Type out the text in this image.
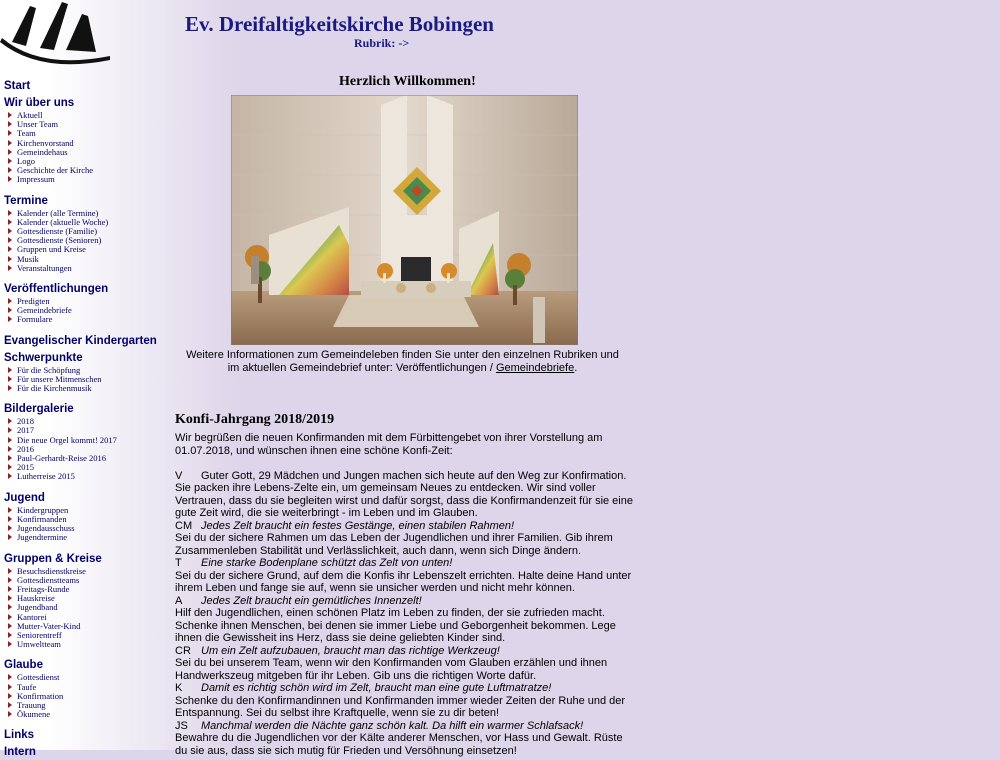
Ev. Dreifaltigkeitskirche Bobingen
Rubrik: ->
Start
Wir über uns
Aktuell
Unser Team
Team
Kirchenvorstand
Gemeindehaus
Logo
Geschichte der Kirche
Impressum
Termine
Kalender (alle Termine)
Kalender (aktuelle Woche)
Gottesdienste (Familie)
Gottesdienste (Senioren)
Gruppen und Kreise
Musik
Veranstaltungen
Veröffentlichungen
Predigten
Gemeindebriefe
Formulare
Evangelischer Kindergarten
Schwerpunkte
Für die Schöpfung
Für unsere Mitmenschen
Für die Kirchenmusik
Bildergalerie
2018
2017
Die neue Orgel kommt! 2017
2016
Paul-Gerhardt-Reise 2016
2015
Lutherreise 2015
Jugend
Kindergruppen
Konfirmanden
Jugendausschuss
Jugendtermine
Gruppen & Kreise
Besuchsdienstkreise
Gottesdienstteams
Freitags-Runde
Hauskreise
Jugendband
Kantorei
Mutter-Vater-Kind
Seniorentreff
Umweltteam
Glaube
Gottesdienst
Taufe
Konfirmation
Trauung
Ökumene
Links
Intern
Herzlich Willkommen!
Weitere Informationen zum Gemeindeleben finden Sie unter den einzelnen Rubriken und im aktuellen Gemeindebrief unter: Veröffentlichungen / Gemeindebriefe.
Konfi-Jahrgang 2018/2019

Wir begrüßen die neuen Konfirmanden mit dem Fürbittengebet von ihrer Vorstellung am 01.07.2018, und wünschen ihnen eine schöne Konfi-Zeit:

V Guter Gott, 29 Mädchen und Jungen machen sich heute auf den Weg zur Konfirmation. Sie packen ihre Lebens-Zelte ein, um gemeinsam Neues zu entdecken. Wir sind voller Vertrauen, dass du sie begleiten wirst und dafür sorgst, dass die Konfirmandenzeit für sie eine gute Zeit wird, die sie weiterbringt - im Leben und im Glauben.

CM Jedes Zelt braucht ein festes Gestänge, einen stabilen Rahmen!

Sei du der sichere Rahmen um das Leben der Jugendlichen und ihrer Familien. Gib ihrem Zusammenleben Stabilität und Verlässlichkeit, auch dann, wenn sich Dinge ändern.

T Eine starke Bodenplane schützt das Zelt von unten!

Sei du der sichere Grund, auf dem die Konfis ihr Lebenszelt errichten. Halte deine Hand unter ihrem Leben und fange sie auf, wenn sie unsicher werden und nicht mehr können.

A Jedes Zelt braucht ein gemütliches Innenzelt!

Hilf den Jugendlichen, einen schönen Platz im Leben zu finden, der sie zufrieden macht. Schenke ihnen Menschen, bei denen sie immer Liebe und Geborgenheit bekommen. Lege ihnen die Gewissheit ins Herz, dass sie deine geliebten Kinder sind.

CR Um ein Zelt aufzubauen, braucht man das richtige Werkzeug!

Sei du bei unserem Team, wenn wir den Konfirmanden vom Glauben erzählen und ihnen Handwerkszeug mitgeben für ihr Leben. Gib uns die richtigen Worte dafür.

K Damit es richtig schön wird im Zelt, braucht man eine gute Luftmatratze!

Schenke du den Konfirmandinnen und Konfirmanden immer wieder Zeiten der Ruhe und der Entspannung. Sei du selbst ihre Kraftquelle, wenn sie zu dir beten!

JS Manchmal werden die Nächte ganz schön kalt. Da hilft ein warmer Schlafsack!

Bewahre du die Jugendlichen vor der Kälte anderer Menschen, vor Hass und Gewalt. Rüste du sie aus, dass sie sich mutig für Frieden und Versöhnung einsetzen!
